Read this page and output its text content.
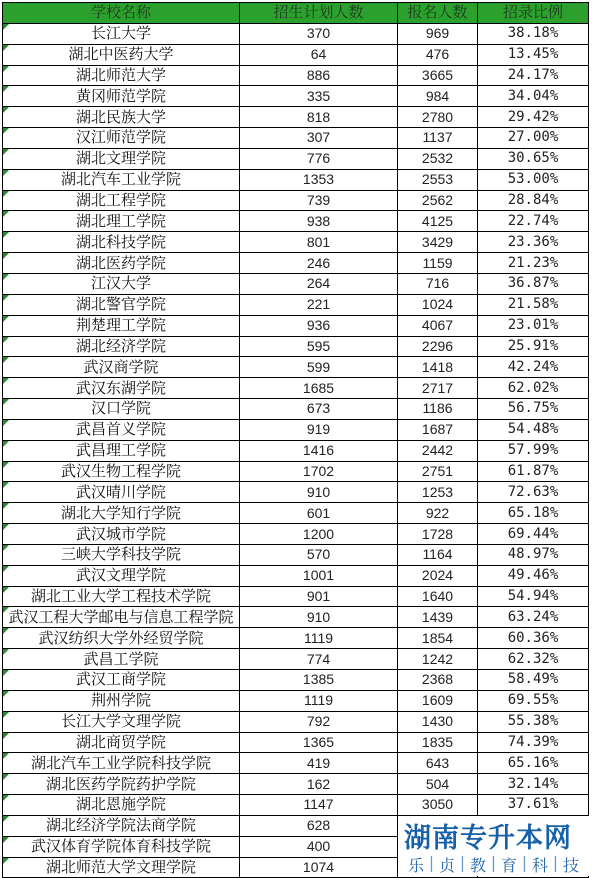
学校名称	招生计划人数	报名人数	招录比例
长江大学	370	969	38.18%
湖北中医药大学	64	476	13.45%
湖北师范大学	886	3665	24.17%
黄冈师范学院	335	984	34.04%
湖北民族大学	818	2780	29.42%
汉江师范学院	307	1137	27.00%
湖北文理学院	776	2532	30.65%
湖北汽车工业学院	1353	2553	53.00%
湖北工程学院	739	2562	28.84%
湖北理工学院	938	4125	22.74%
湖北科技学院	801	3429	23.36%
湖北医药学院	246	1159	21.23%
江汉大学	264	716	36.87%
湖北警官学院	221	1024	21.58%
荆楚理工学院	936	4067	23.01%
湖北经济学院	595	2296	25.91%
武汉商学院	599	1418	42.24%
武汉东湖学院	1685	2717	62.02%
汉口学院	673	1186	56.75%
武昌首义学院	919	1687	54.48%
武昌理工学院	1416	2442	57.99%
武汉生物工程学院	1702	2751	61.87%
武汉晴川学院	910	1253	72.63%
湖北大学知行学院	601	922	65.18%
武汉城市学院	1200	1728	69.44%
三峡大学科技学院	570	1164	48.97%
武汉文理学院	1001	2024	49.46%
湖北工业大学工程技术学院	901	1640	54.94%
武汉工程大学邮电与信息工程学院	910	1439	63.24%
武汉纺织大学外经贸学院	1119	1854	60.36%
武昌工学院	774	1242	62.32%
武汉工商学院	1385	2368	58.49%
荆州学院	1119	1609	69.55%
长江大学文理学院	792	1430	55.38%
湖北商贸学院	1365	1835	74.39%
湖北汽车工业学院科技学院	419	643	65.16%
湖北医药学院药护学院	162	504	32.14%
湖北恩施学院	1147	3050	37.61%
湖北经济学院法商学院	628		
武汉体育学院体育科技学院	400		
湖北师范大学文理学院	1074		
湖南专升本网
乐 | 贞 | 教 | 育 | 科 | 技
